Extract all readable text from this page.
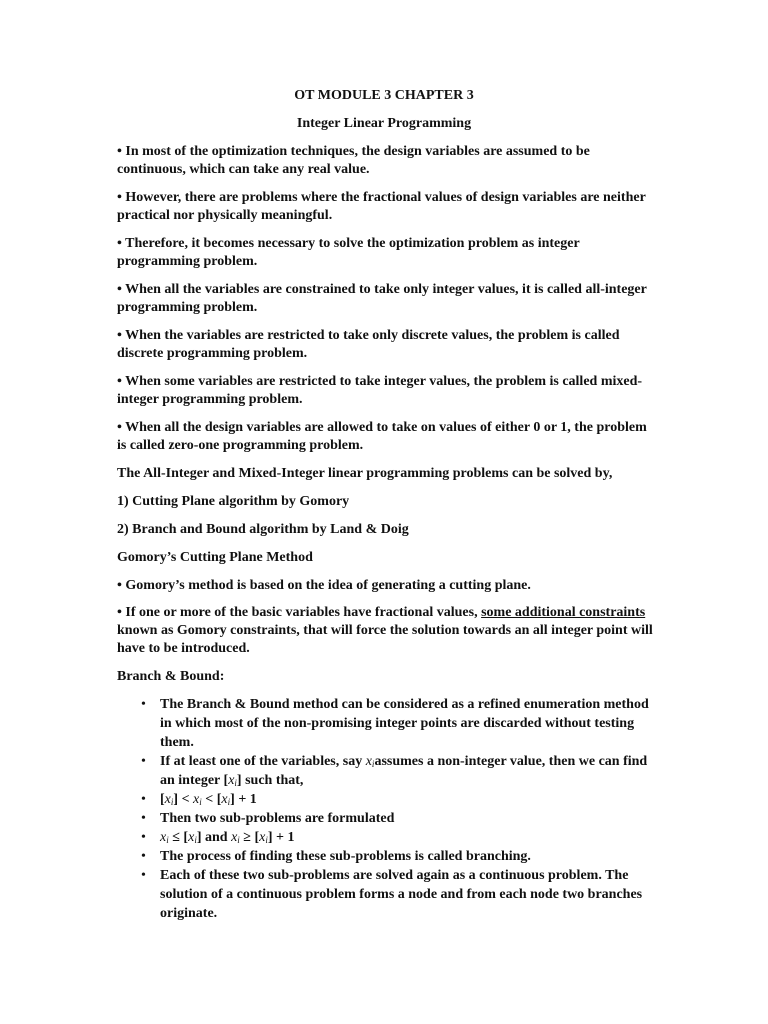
OT MODULE 3 CHAPTER 3
Integer Linear Programming

• In most of the optimization techniques, the design variables are assumed to be continuous, which can take any real value.

• However, there are problems where the fractional values of design variables are neither practical nor physically meaningful.

• Therefore, it becomes necessary to solve the optimization problem as integer programming problem.

• When all the variables are constrained to take only integer values, it is called all-integer programming problem.

• When the variables are restricted to take only discrete values, the problem is called discrete programming problem.

• When some variables are restricted to take integer values, the problem is called mixed-integer programming problem.

• When all the design variables are allowed to take on values of either 0 or 1, the problem is called zero-one programming problem.

The All-Integer and Mixed-Integer linear programming problems can be solved by,

1) Cutting Plane algorithm by Gomory

2) Branch and Bound algorithm by Land & Doig

Gomory’s Cutting Plane Method

• Gomory’s method is based on the idea of generating a cutting plane.

• If one or more of the basic variables have fractional values, some additional constraints known as Gomory constraints, that will force the solution towards an all integer point will have to be introduced.

Branch & Bound:

• The Branch & Bound method can be considered as a refined enumeration method in which most of the non-promising integer points are discarded without testing them.
• If at least one of the variables, say $x_iassumes$ a non-integer value, then we can find an integer $[x_i]$ such that,
• $[x_i] < x_i < [x_i] + 1$
• Then two sub-problems are formulated
• $x_i \le [x_i]$ and $x_i \ge [x_i] + 1$
• The process of finding these sub-problems is called branching.
• Each of these two sub-problems are solved again as a continuous problem. The solution of a continuous problem forms a node and from each node two branches originate.
